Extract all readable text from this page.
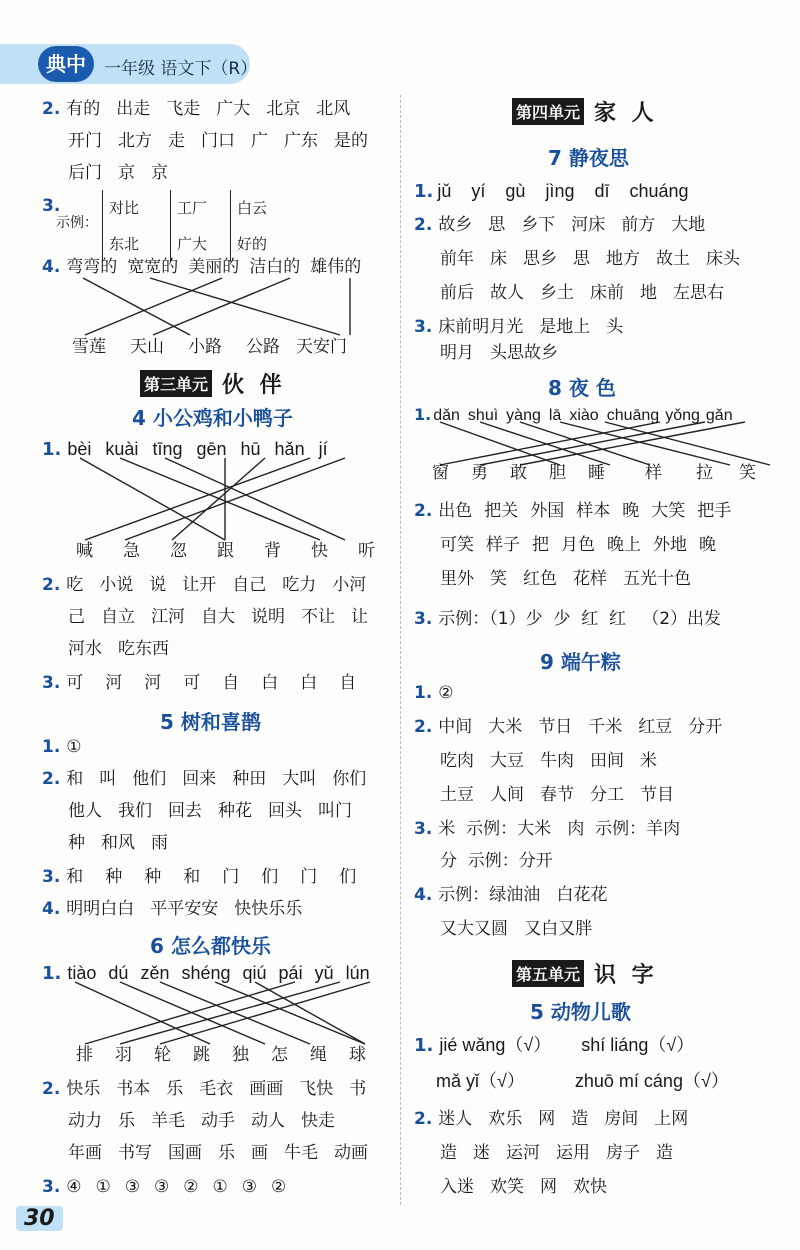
典中	一年级 语文下（R）
2. 有的 出走 飞走 广大 北京 北风
开门 北方 走 门口 广 广东 是的
后门 京 京
3.
示例：
对比
东北
工厂
广大
白云
好的
4. 弯弯的 宽宽的 美丽的 洁白的 雄伟的
雪莲 天山 小路 公路 天安门
第三单元 伙 伴
4 小公鸡和小鸭子
1. bèi kuài tīng gēn hū hǎn jí
喊 急 忽 跟 背 快 听
2. 吃 小说 说 让开 自己 吃力 小河
己 自立 江河 自大 说明 不让 让
河水 吃东西
3. 可 河 河 可 自 白 白 自
5 树和喜鹊
1. ①
2. 和 叫 他们 回来 种田 大叫 你们
他人 我们 回去 种花 回头 叫门
种 和风 雨
3. 和 种 种 和 门 们 门 们
4. 明明白白 平平安安 快快乐乐
6 怎么都快乐
1. tiào dú zěn shéng qiú pái yǔ lún
排 羽 轮 跳 独 怎 绳 球
2. 快乐 书本 乐 毛衣 画画 飞快 书
动力 乐 羊毛 动手 动人 快走
年画 书写 国画 乐 画 牛毛 动画
3. ④ ① ③ ③ ② ① ③ ②
30
第四单元 家 人
7 静夜思
1. jǔ yí gù jìng dī chuáng
2. 故乡 思 乡下 河床 前方 大地
前年 床 思乡 思 地方 故土 床头
前后 故人 乡土 床前 地 左思右
3. 床前明月光 是地上 头
明月 头思故乡
8 夜 色
1. dǎn shuì yàng lā xiào chuāng yǒng gǎn
窗 勇 敢 胆 睡 样 拉 笑
2. 出色 把关 外国 样本 晚 大笑 把手
可笑 样子 把 月色 晚上 外地 晚
里外 笑 红色 花样 五光十色
3. 示例：（1）少  少  红  红   （2）出发
9 端午粽
1. ②
2. 中间 大米 节日 千米 红豆 分开
吃肉 大豆 牛肉 田间 米
土豆 人间 春节 分工 节目
3. 米  示例：大米   肉  示例：羊肉
分  示例：分开
4. 示例：绿油油   白花花
又大又圆   又白又胖
第五单元 识 字
5 动物儿歌
1. jié wǎng（√） shí liáng（√）
mǎ yǐ（√）	zhuō mí cáng（√）
2. 迷人 欢乐 网 造 房间 上网
造 迷 运河 运用 房子 造
入迷 欢笑 网 欢快
